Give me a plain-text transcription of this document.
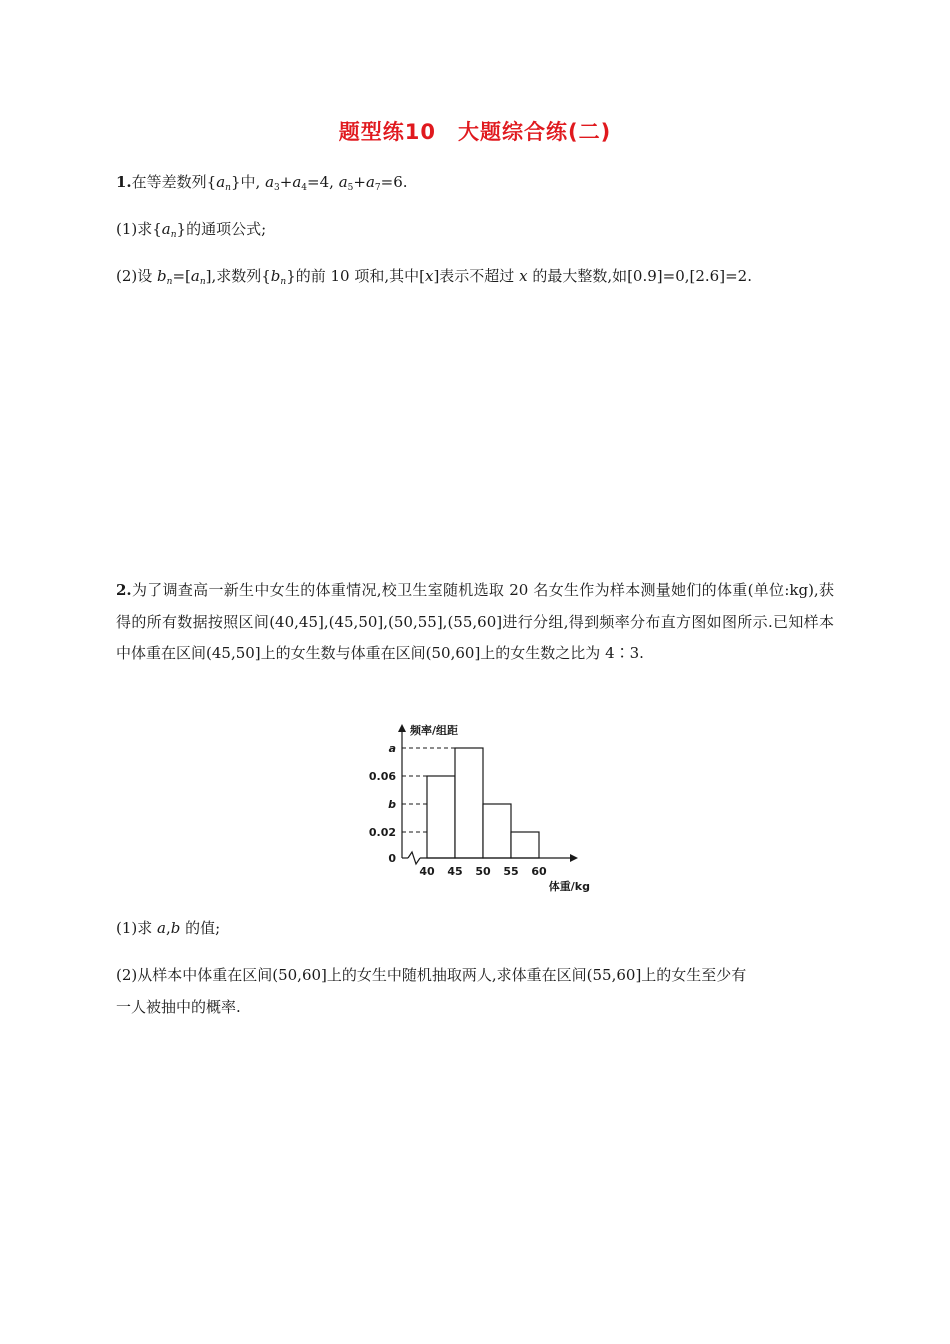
题型练10　大题综合练(二)
1.在等差数列$\{a_n\}$中, $a_3+a_4=4$, $a_5+a_7=6$.
(1)求$\{a_n\}$的通项公式;
(2)设 $b_n=[a_n]$,求数列$\{b_n\}$的前 10 项和,其中[x]表示不超过 x 的最大整数,如[0.9]=0,[2.6]=2.
2.为了调查高一新生中女生的体重情况,校卫生室随机选取 20 名女生作为样本测量她们的体重(单位:kg),获得的所有数据按照区间(40,45],(45,50],(50,55],(55,60]进行分组,得到频率分布直方图如图所示.已知样本中体重在区间(45,50]上的女生数与体重在区间(50,60]上的女生数之比为 4∶3.
0
0.02
b
0.06
a
40 45 50 55 60
频率/组距
体重/kg
(1)求 a,b 的值;
(2)从样本中体重在区间(50,60]上的女生中随机抽取两人,求体重在区间(55,60]上的女生至少有
一人被抽中的概率.
